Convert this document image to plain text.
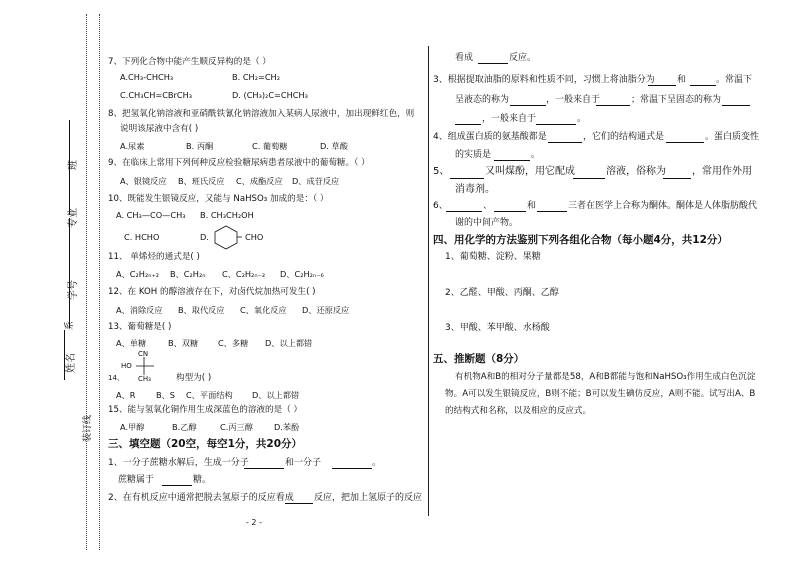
姓名
系
学号
专业
班
装订线
7、下列化合物中能产生顺反异构的是（ ）
A.CH₃-CHCH₃	B. CH₂=CH₂
C.CH₃CH=CBrCH₃	D. (CH₃)₂C=CHCH₃
8、把氢氧化钠溶液和亚硝酰铁氰化钠溶液加入某病人尿液中，加出现鲜红色，则
说明该尿液中含有( )
A.尿素	B. 丙酮	C. 葡萄糖	D. 草酸
9、在临床上常用下列何种反应检验糖尿病患者尿液中的葡萄糖。（ ）
A、银镜反应 B、班氏反应 C、成酯反应 D、成苷反应
10、既能发生银镜反应，又能与 NaHSO₃ 加成的是：（ ）
A. CH₃—CO—CH₃ B. CH₃CH₂OH
C. HCHO	D.	CHO
11、 单烯烃的通式是( )
A、C₂H₂ₙ₊₂ B、C₂H₂ₙ C、C₂H₂ₙ₋₂ D、C₂H₂ₙ₋₆
12、在 KOH 的醇溶液存在下，对卤代烷加热可发生( )
A、消除反应 B、取代反应 C、氧化反应 D、还原反应
13、葡萄糖是( )
A、单糖	B、双糖 C、多糖 D、以上都错
CN
HO
14、 CH₃	构型为( )
A、R	B、S C、平面结构 D、以上都错
15、能与氢氧化铜作用生成深蓝色的溶液的是（ ）
A.甲醇	B.乙醇	C.丙三醇	D.苯酚
三、填空题（20空，每空1分，共20分）
1、一分子蔗糖水解后，生成一分子	和一分子	。
蔗糖属于	糖。
2、在有机反应中通常把脱去氢原子的反应看成 反应，把加上氢原子的反应
- 2 -
看成	反应。
3、根据提取油脂的原料和性质不同，习惯上将油脂分为 和	。常温下
呈液态的称为	，一般来自于	；常温下呈固态的称为
，一般来自于	。
4、组成蛋白质的氨基酸都是	，它们的结构通式是	。蛋白质变性
的实质是	。
5、	又叫煤酚，用它配成	溶液，俗称为	，常用作外用
消毒剂。
6、	、	和	三者在医学上合称为酮体。酮体是人体脂肪酸代
谢的中间产物。
四、用化学的方法鉴别下列各组化合物（每小题4分，共12分）
1、葡萄糖、淀粉、果糖
2、乙醛、甲酸、丙酮、乙醇
3、甲酸、苯甲酸、水杨酸
五、推断题（8分）
有机物A和B的相对分子量都是58，A和B都能与饱和NaHSO₃作用生成白色沉淀
物。A可以发生银镜反应，B则不能；B可以发生碘仿反应，A则不能。试写出A、B
的结构式和名称，以及相应的反应式。
